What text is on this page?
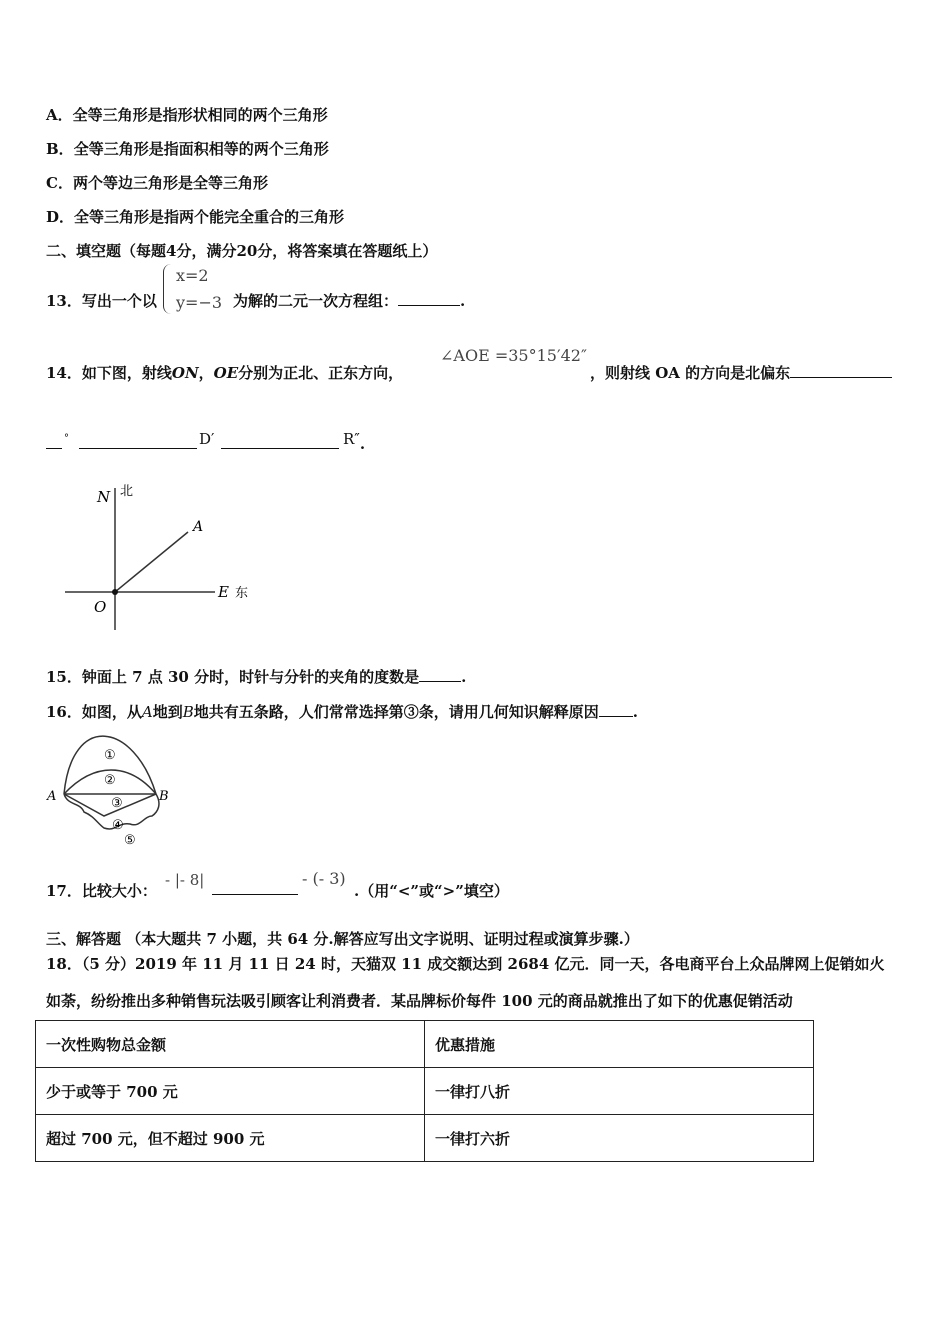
A．全等三角形是指形状相同的两个三角形
B．全等三角形是指面积相等的两个三角形
C．两个等边三角形是全等三角形
D．全等三角形是指两个能完全重合的三角形
二、填空题（每题4分，满分20分，将答案填在答题纸上）
13．写出一个以
x=2
y=−3 为解的二元一次方程组：	.
14．如下图，射线ON，OE分别为正北、正东方向，
∠AOE =35°15′42″
，则射线 OA 的方向是北偏东
°	D′	R″.
N 北
A
O
E 东
15．钟面上 7 点 30 分时，时针与分针的夹角的度数是	.
16．如图，从A地到B地共有五条路，人们常常选择第③条，请用几何知识解释原因 .
A	B
①
②
③
④
⑤
17．比较大小：
- |- 8|	- (- 3)
.（用“<”或“>”填空）
三、解答题 （本大题共 7 小题，共 64 分.解答应写出文字说明、证明过程或演算步骤.）
18．（5 分）2019 年 11 月 11 日 24 时，天猫双 11 成交额达到 2684 亿元．同一天，各电商平台上众品牌网上促销如火
如荼，纷纷推出多种销售玩法吸引顾客让利消费者．某品牌标价每件 100 元的商品就推出了如下的优惠促销活动
一次性购物总金额	优惠措施
少于或等于 700 元	一律打八折
超过 700 元，但不超过 900 元	一律打六折
